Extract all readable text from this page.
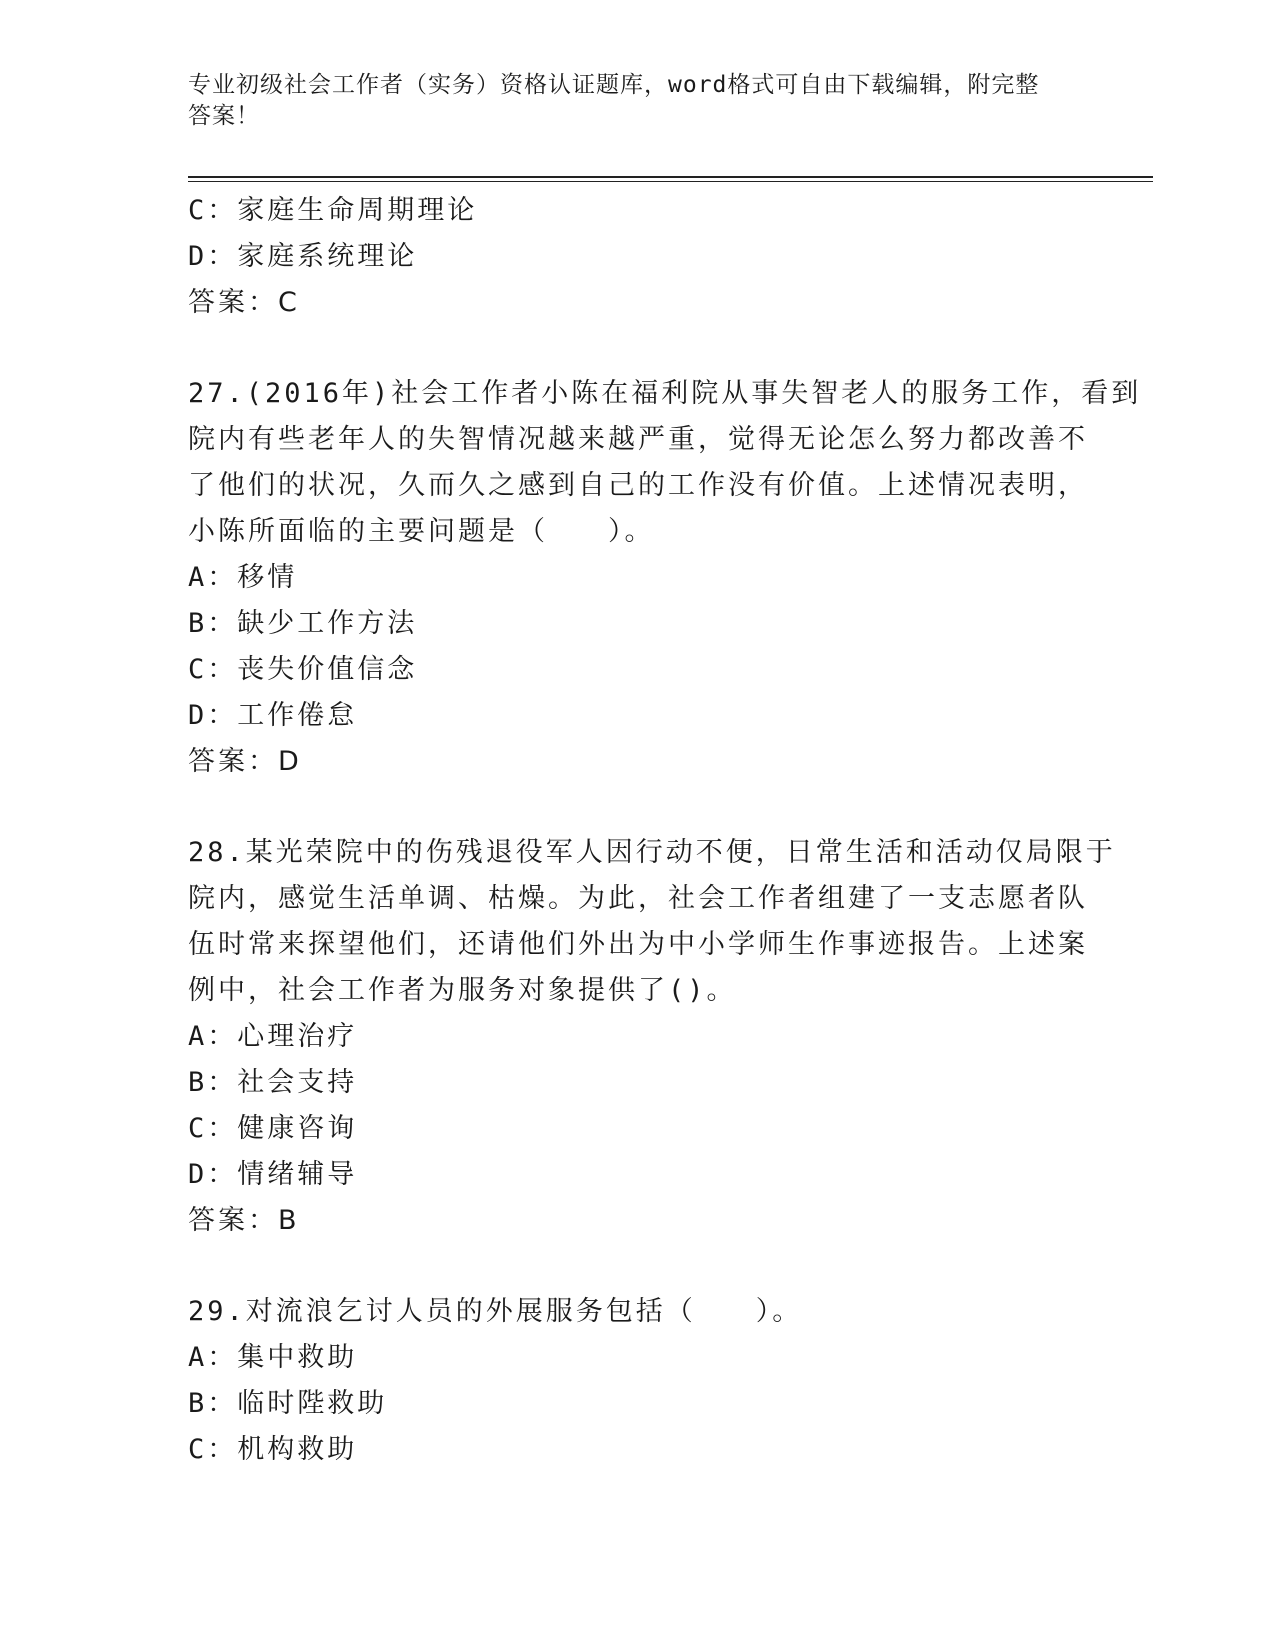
专业初级社会工作者（实务）资格认证题库，word格式可自由下载编辑，附完整
答案！
C：家庭生命周期理论
D：家庭系统理论
答案：C
27.(2016年)社会工作者小陈在福利院从事失智老人的服务工作，看到
院内有些老年人的失智情况越来越严重，觉得无论怎么努力都改善不
了他们的状况，久而久之感到自己的工作没有价值。上述情况表明，
小陈所面临的主要问题是（　　）。
A：移情
B：缺少工作方法
C：丧失价值信念
D：工作倦怠
答案：D
28.某光荣院中的伤残退役军人因行动不便，日常生活和活动仅局限于
院内，感觉生活单调、枯燥。为此，社会工作者组建了一支志愿者队
伍时常来探望他们，还请他们外出为中小学师生作事迹报告。上述案
例中，社会工作者为服务对象提供了()。
A：心理治疗
B：社会支持
C：健康咨询
D：情绪辅导
答案：B
29.对流浪乞讨人员的外展服务包括（　　）。
A：集中救助
B：临时陛救助
C：机构救助
